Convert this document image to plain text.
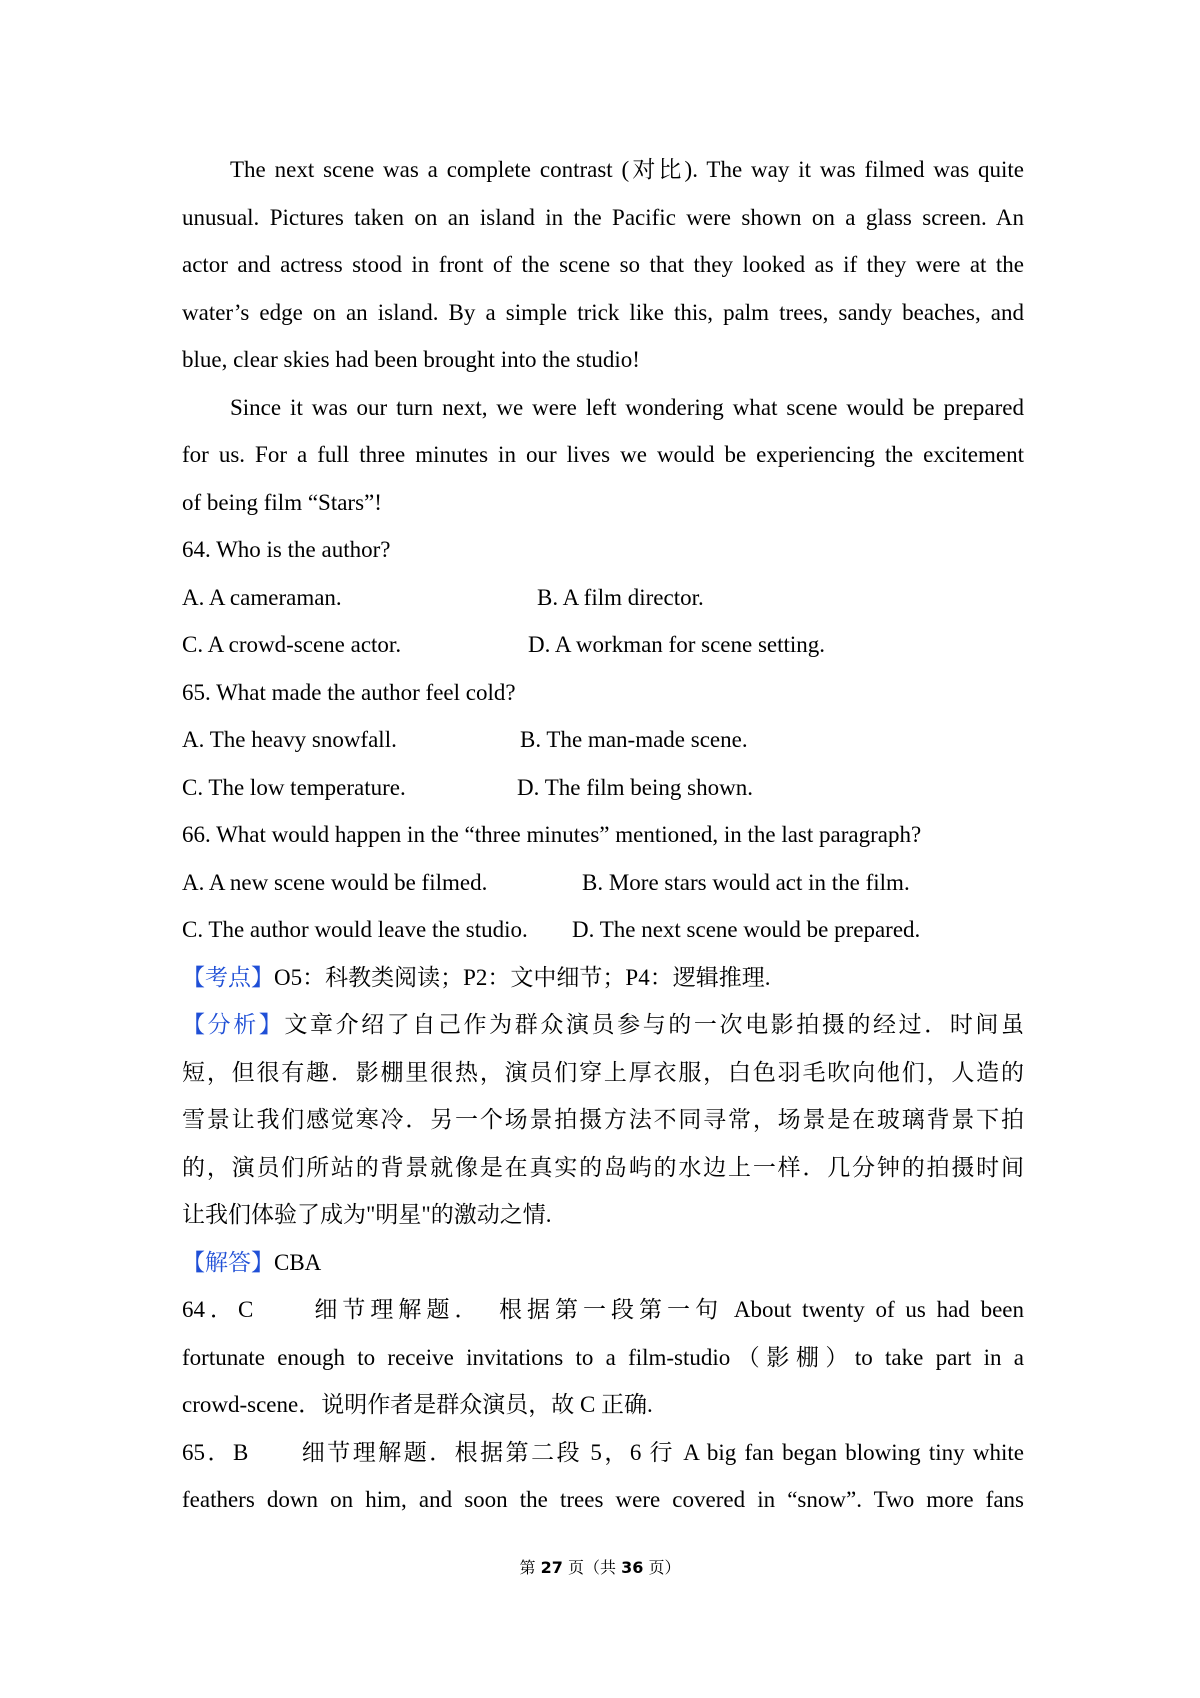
The next scene was a complete contrast (对比). The way it was filmed was quite
unusual. Pictures taken on an island in the Pacific were shown on a glass screen. An
actor and actress stood in front of the scene so that they looked as if they were at the
water’s edge on an island. By a simple trick like this, palm trees, sandy beaches, and
blue, clear skies had been brought into the studio!
Since it was our turn next, we were left wondering what scene would be prepared
for us. For a full three minutes in our lives we would be experiencing the excitement
of being film “Stars”!
64. Who is the author?
A. A cameraman.	B. A film director.
C. A crowd-scene actor.	D. A workman for scene setting.
65. What made the author feel cold?
A. The heavy snowfall.	B. The man-made scene.
C. The low temperature.	D. The film being shown.
66. What would happen in the “three minutes” mentioned, in the last paragraph?
A. A new scene would be filmed.	B. More stars would act in the film.
C. The author would leave the studio. D. The next scene would be prepared.
【考点】O5：科教类阅读；P2：文中细节；P4：逻辑推理.
【分析】文章介绍了自己作为群众演员参与的一次电影拍摄的经过．时间虽
短，但很有趣．影棚里很热，演员们穿上厚衣服，白色羽毛吹向他们，人造的
雪景让我们感觉寒冷．另一个场景拍摄方法不同寻常，场景是在玻璃背景下拍
的，演员们所站的背景就像是在真实的岛屿的水边上一样．几分钟的拍摄时间
让我们体验了成为"明星"的激动之情.
【解答】CBA
64．C　　细节理解题．　根据第一段第一句 About twenty of us had been
fortunate enough to receive invitations to a film-studio（影棚）to take part in a
crowd-scene．说明作者是群众演员，故 C 正确.
65．B　　细节理解题．根据第二段 5，6 行 A big fan began blowing tiny white
feathers down on him, and soon the trees were covered in “snow”. Two more fans
第 27 页（共 36 页）
